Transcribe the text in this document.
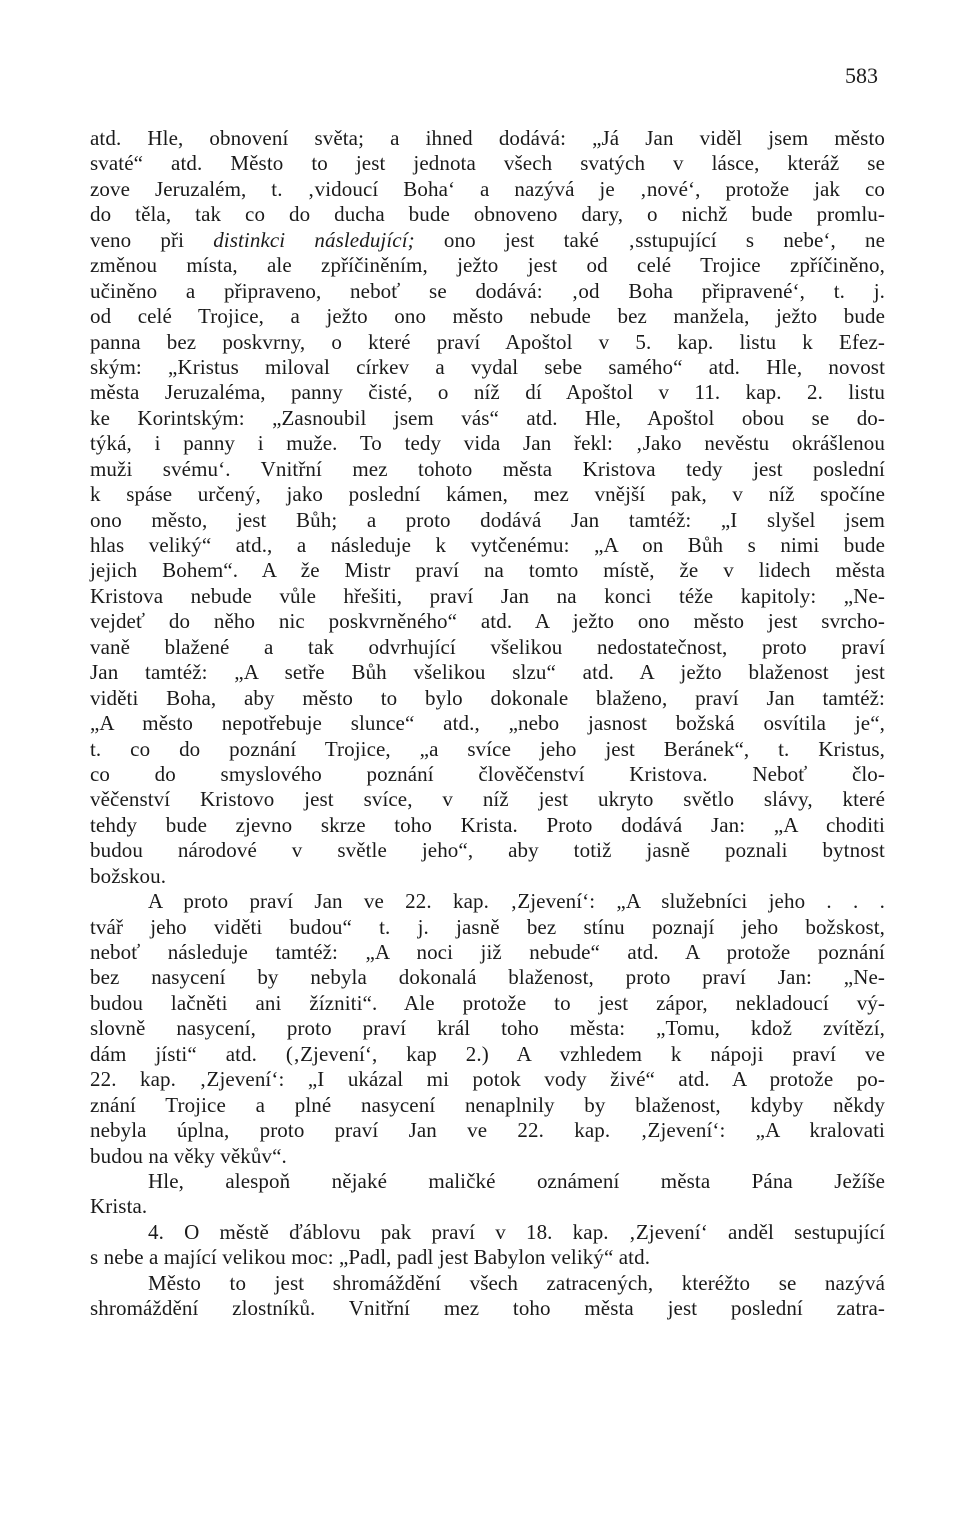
583
atd. Hle, obnovení světa; a ihned dodává: „Já Jan viděl jsem město
svaté“ atd. Město to jest jednota všech svatých v lásce, kteráž se
zove Jeruzalém, t. ‚vidoucí Boha‘ a nazývá je ‚nové‘, protože jak co
do těla, tak co do ducha bude obnoveno dary, o nichž bude promlu-
veno při distinkci následující; ono jest také ‚sstupující s nebe‘, ne
změnou místa, ale zpříčiněním, ježto jest od celé Trojice zpříčiněno,
učiněno a připraveno, neboť se dodává: ‚od Boha připravené‘, t. j.
od celé Trojice, a ježto ono město nebude bez manžela, ježto bude
panna bez poskvrny, o které praví Apoštol v 5. kap. listu k Efez-
ským: „Kristus miloval církev a vydal sebe samého“ atd. Hle, novost
města Jeruzaléma, panny čisté, o níž dí Apoštol v 11. kap. 2. listu
ke Korintským: „Zasnoubil jsem vás“ atd. Hle, Apoštol obou se do-
týká, i panny i muže. To tedy vida Jan řekl: ‚Jako nevěstu okrášlenou
muži svému‘. Vnitřní mez tohoto města Kristova tedy jest poslední
k spáse určený, jako poslední kámen, mez vnější pak, v níž spočíne
ono město, jest Bůh; a proto dodává Jan tamtéž: „I slyšel jsem
hlas veliký“ atd., a následuje k vytčenému: „A on Bůh s nimi bude
jejich Bohem“. A že Mistr praví na tomto místě, že v lidech města
Kristova nebude vůle hřešiti, praví Jan na konci téže kapitoly: „Ne-
vejdeť do něho nic poskvrněného“ atd. A ježto ono město jest svrcho-
vaně blažené a tak odvrhující všelikou nedostatečnost, proto praví
Jan tamtéž: „A setře Bůh všelikou slzu“ atd. A ježto blaženost jest
viděti Boha, aby město to bylo dokonale blaženo, praví Jan tamtéž:
„A město nepotřebuje slunce“ atd., „nebo jasnost božská osvítila je“,
t. co do poznání Trojice, „a svíce jeho jest Beránek“, t. Kristus,
co do smyslového poznání člověčenství Kristova. Neboť člo-
věčenství Kristovo jest svíce, v níž jest ukryto světlo slávy, které
tehdy bude zjevno skrze toho Krista. Proto dodává Jan: „A choditi
budou národové v světle jeho“, aby totiž jasně poznali bytnost
božskou.
A proto praví Jan ve 22. kap. ‚Zjevení‘: „A služebníci jeho . . .
tvář jeho viděti budou“ t. j. jasně bez stínu poznají jeho božskost,
neboť následuje tamtéž: „A noci již nebude“ atd. A protože poznání
bez nasycení by nebyla dokonalá blaženost, proto praví Jan: „Ne-
budou lačněti ani žízniti“. Ale protože to jest zápor, nekladoucí vý-
slovně nasycení, proto praví král toho města: „Tomu, kdož zvítězí,
dám jísti“ atd. (‚Zjevení‘, kap 2.) A vzhledem k nápoji praví ve
22. kap. ‚Zjevení‘: „I ukázal mi potok vody živé“ atd. A protože po-
znání Trojice a plné nasycení nenaplnily by blaženost, kdyby někdy
nebyla úplna, proto praví Jan ve 22. kap. ‚Zjevení‘: „A kralovati
budou na věky věkův“.
Hle, alespoň nějaké maličké oznámení města Pána Ježíše
Krista.
4. O městě ďáblovu pak praví v 18. kap. ‚Zjevení‘ anděl sestupující
s nebe a mající velikou moc: „Padl, padl jest Babylon veliký“ atd.
Město to jest shromáždění všech zatracených, kteréžto se nazývá
shromáždění zlostníků. Vnitřní mez toho města jest poslední zatra-
